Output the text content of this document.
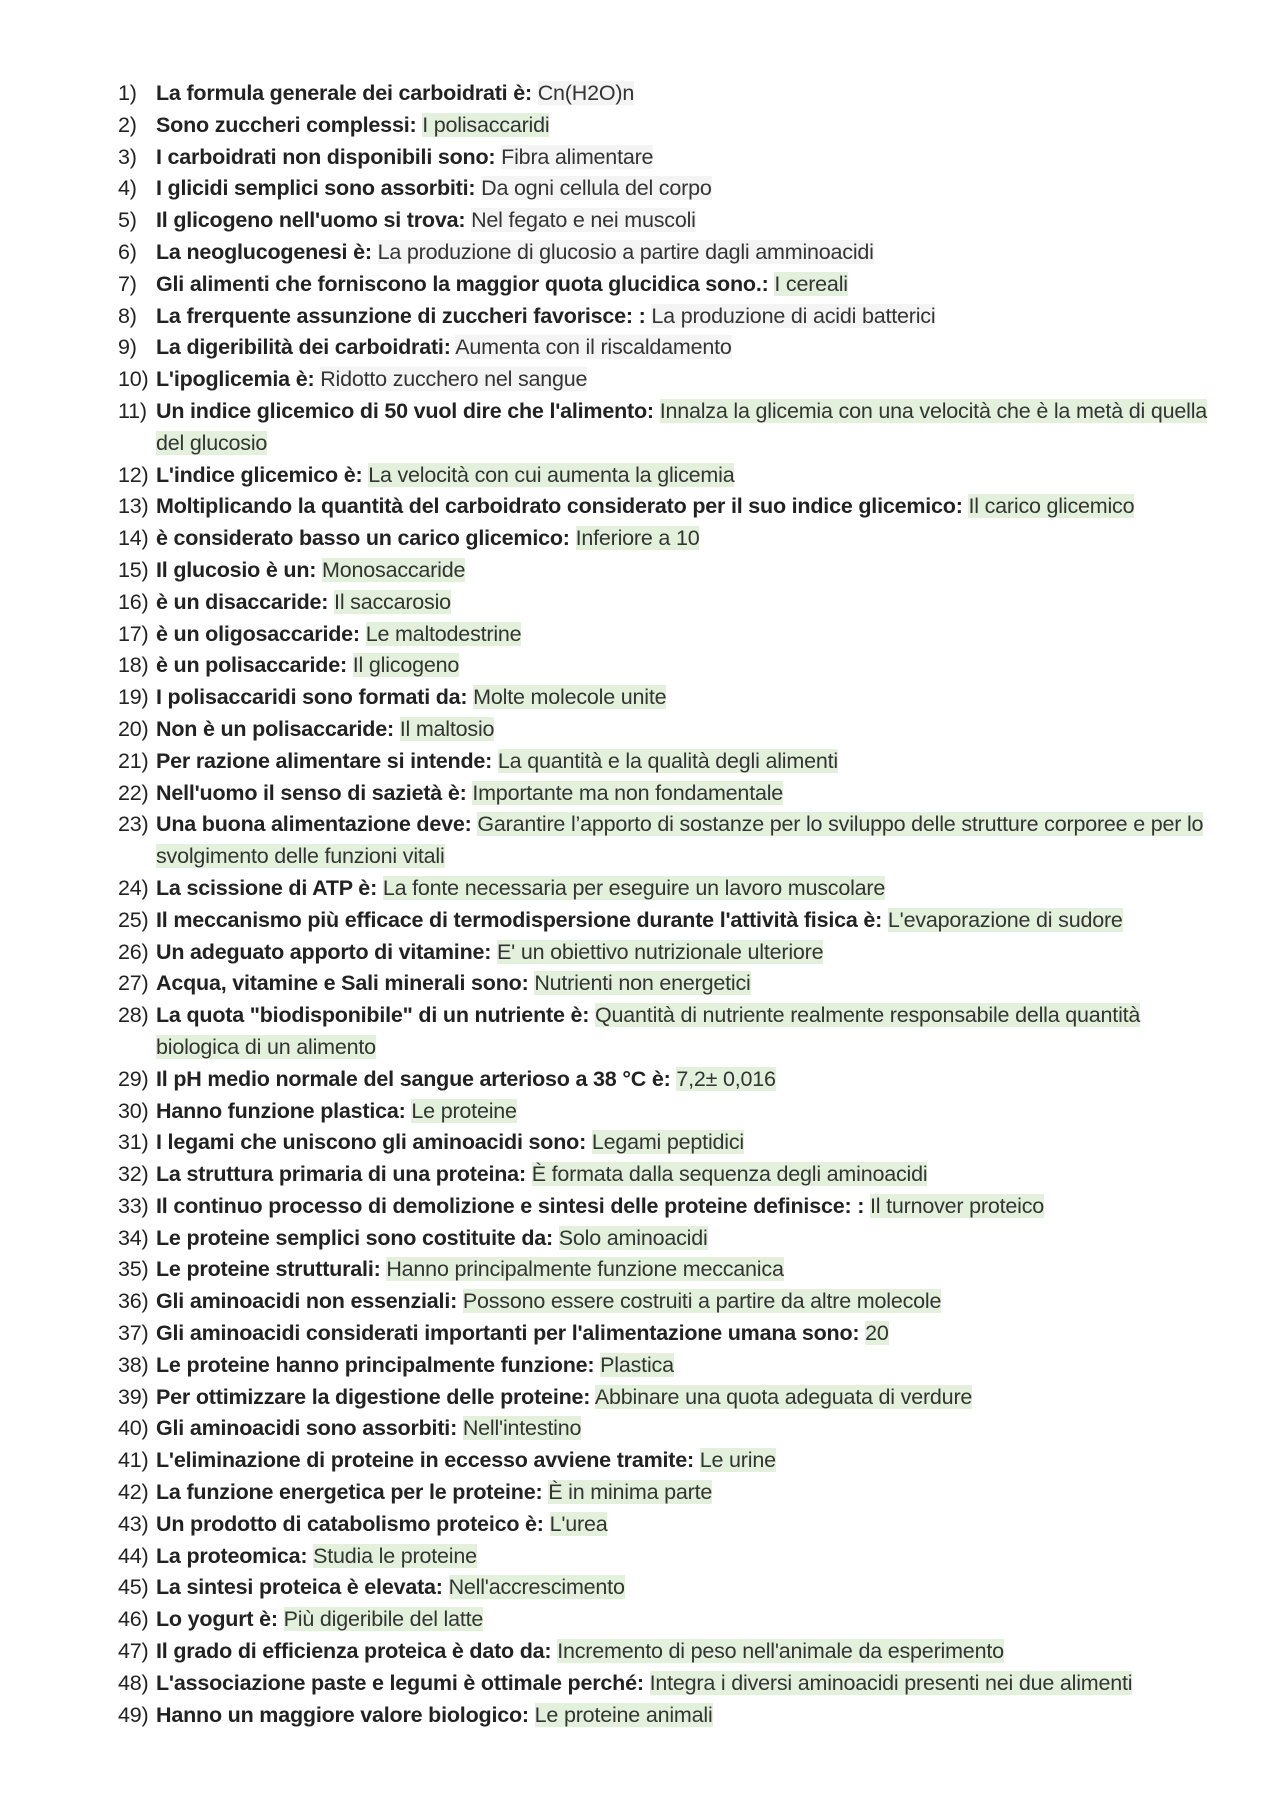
1) La formula generale dei carboidrati è: Cn(H2O)n
2) Sono zuccheri complessi: I polisaccaridi
3) I carboidrati non disponibili sono: Fibra alimentare
4) I glicidi semplici sono assorbiti: Da ogni cellula del corpo
5) Il glicogeno nell'uomo si trova: Nel fegato e nei muscoli
6) La neoglucogenesi è: La produzione di glucosio a partire dagli amminoacidi
7) Gli alimenti che forniscono la maggior quota glucidica sono.: I cereali
8) La frerquente assunzione di zuccheri favorisce: : La produzione di acidi batterici
9) La digeribilità dei carboidrati: Aumenta con il riscaldamento
10) L'ipoglicemia è: Ridotto zucchero nel sangue
11) Un indice glicemico di 50 vuol dire che l'alimento: Innalza la glicemia con una velocità che è la metà di quella del glucosio
12) L'indice glicemico è: La velocità con cui aumenta la glicemia
13) Moltiplicando la quantità del carboidrato considerato per il suo indice glicemico: Il carico glicemico
14) è considerato basso un carico glicemico: Inferiore a 10
15) Il glucosio è un: Monosaccaride
16) è un disaccaride: Il saccarosio
17) è un oligosaccaride: Le maltodestrine
18) è un polisaccaride: Il glicogeno
19) I polisaccaridi sono formati da: Molte molecole unite
20) Non è un polisaccaride: Il maltosio
21) Per razione alimentare si intende: La quantità e la qualità degli alimenti
22) Nell'uomo il senso di sazietà è: Importante ma non fondamentale
23) Una buona alimentazione deve: Garantire l’apporto di sostanze per lo sviluppo delle strutture corporee e per lo svolgimento delle funzioni vitali
24) La scissione di ATP è: La fonte necessaria per eseguire un lavoro muscolare
25) Il meccanismo più efficace di termodispersione durante l'attività fisica è: L'evaporazione di sudore
26) Un adeguato apporto di vitamine: E' un obiettivo nutrizionale ulteriore
27) Acqua, vitamine e Sali minerali sono: Nutrienti non energetici
28) La quota "biodisponibile" di un nutriente è: Quantità di nutriente realmente responsabile della quantità biologica di un alimento
29) Il pH medio normale del sangue arterioso a 38 °C è: 7,2± 0,016
30) Hanno funzione plastica: Le proteine
31) I legami che uniscono gli aminoacidi sono: Legami peptidici
32) La struttura primaria di una proteina: È formata dalla sequenza degli aminoacidi
33) Il continuo processo di demolizione e sintesi delle proteine definisce: : Il turnover proteico
34) Le proteine semplici sono costituite da: Solo aminoacidi
35) Le proteine strutturali: Hanno principalmente funzione meccanica
36) Gli aminoacidi non essenziali: Possono essere costruiti a partire da altre molecole
37) Gli aminoacidi considerati importanti per l'alimentazione umana sono: 20
38) Le proteine hanno principalmente funzione: Plastica
39) Per ottimizzare la digestione delle proteine: Abbinare una quota adeguata di verdure
40) Gli aminoacidi sono assorbiti: Nell'intestino
41) L'eliminazione di proteine in eccesso avviene tramite: Le urine
42) La funzione energetica per le proteine: È in minima parte
43) Un prodotto di catabolismo proteico è: L'urea
44) La proteomica: Studia le proteine
45) La sintesi proteica è elevata: Nell'accrescimento
46) Lo yogurt è: Più digeribile del latte
47) Il grado di efficienza proteica è dato da: Incremento di peso nell'animale da esperimento
48) L'associazione paste e legumi è ottimale perché: Integra i diversi aminoacidi presenti nei due alimenti
49) Hanno un maggiore valore biologico: Le proteine animali
